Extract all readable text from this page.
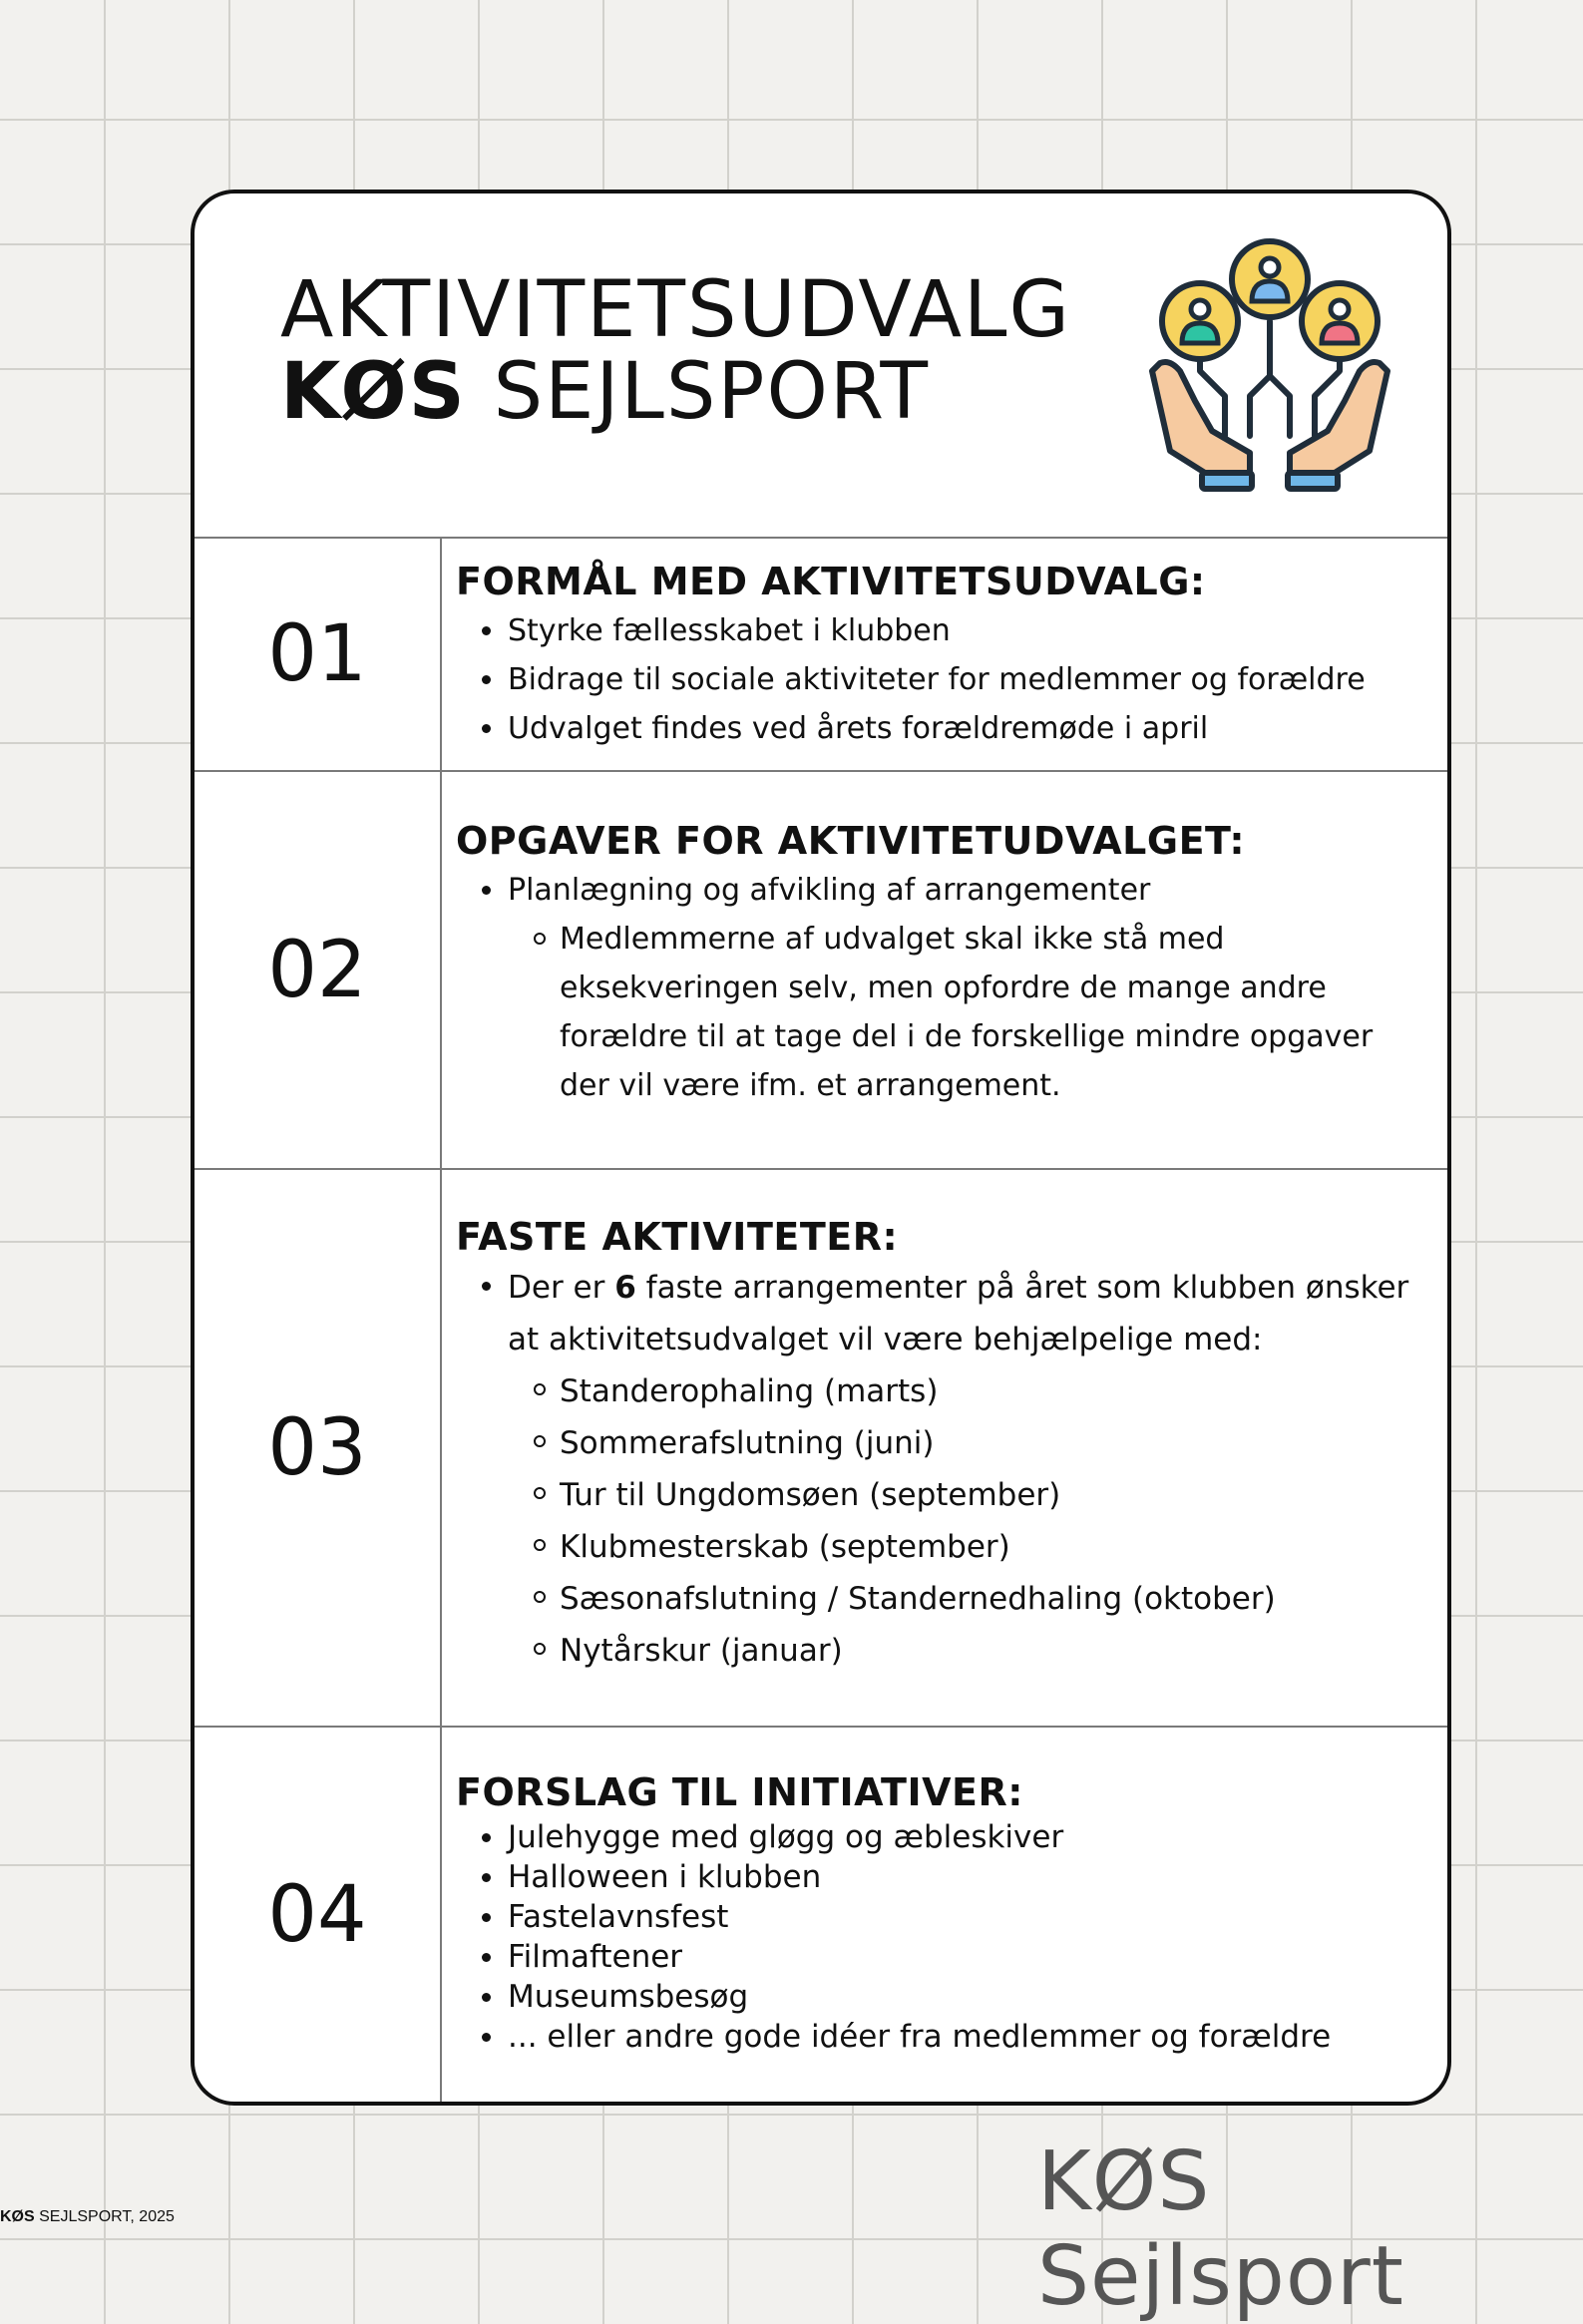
AKTIVITETSUDVALG
KØS SEJLSPORT
01
FORMÅL MED AKTIVITETSUDVALG:
Styrke fællesskabet i klubben
Bidrage til sociale aktiviteter for medlemmer og forældre
Udvalget findes ved årets forældremøde i april
02
OPGAVER FOR AKTIVITETUDVALGET:
Planlægning og afvikling af arrangementer
Medlemmerne af udvalget skal ikke stå med eksekveringen selv, men opfordre de mange andre forældre til at tage del i de forskellige mindre opgaver der vil være ifm. et arrangement.
03
FASTE AKTIVITETER:
Der er 6 faste arrangementer på året som klubben ønsker at aktivitetsudvalget vil være behjælpelige med:
Standerophaling (marts)
Sommerafslutning (juni)
Tur til Ungdomsøen (september)
Klubmesterskab (september)
Sæsonafslutning / Standernedhaling (oktober)
Nytårskur (januar)
04
FORSLAG TIL INITIATIVER:
Julehygge med gløgg og æbleskiver
Halloween i klubben
Fastelavnsfest
Filmaftener
Museumsbesøg
... eller andre gode idéer fra medlemmer og forældre
KØS SEJLSPORT, 2025	KØS Sejlsport
